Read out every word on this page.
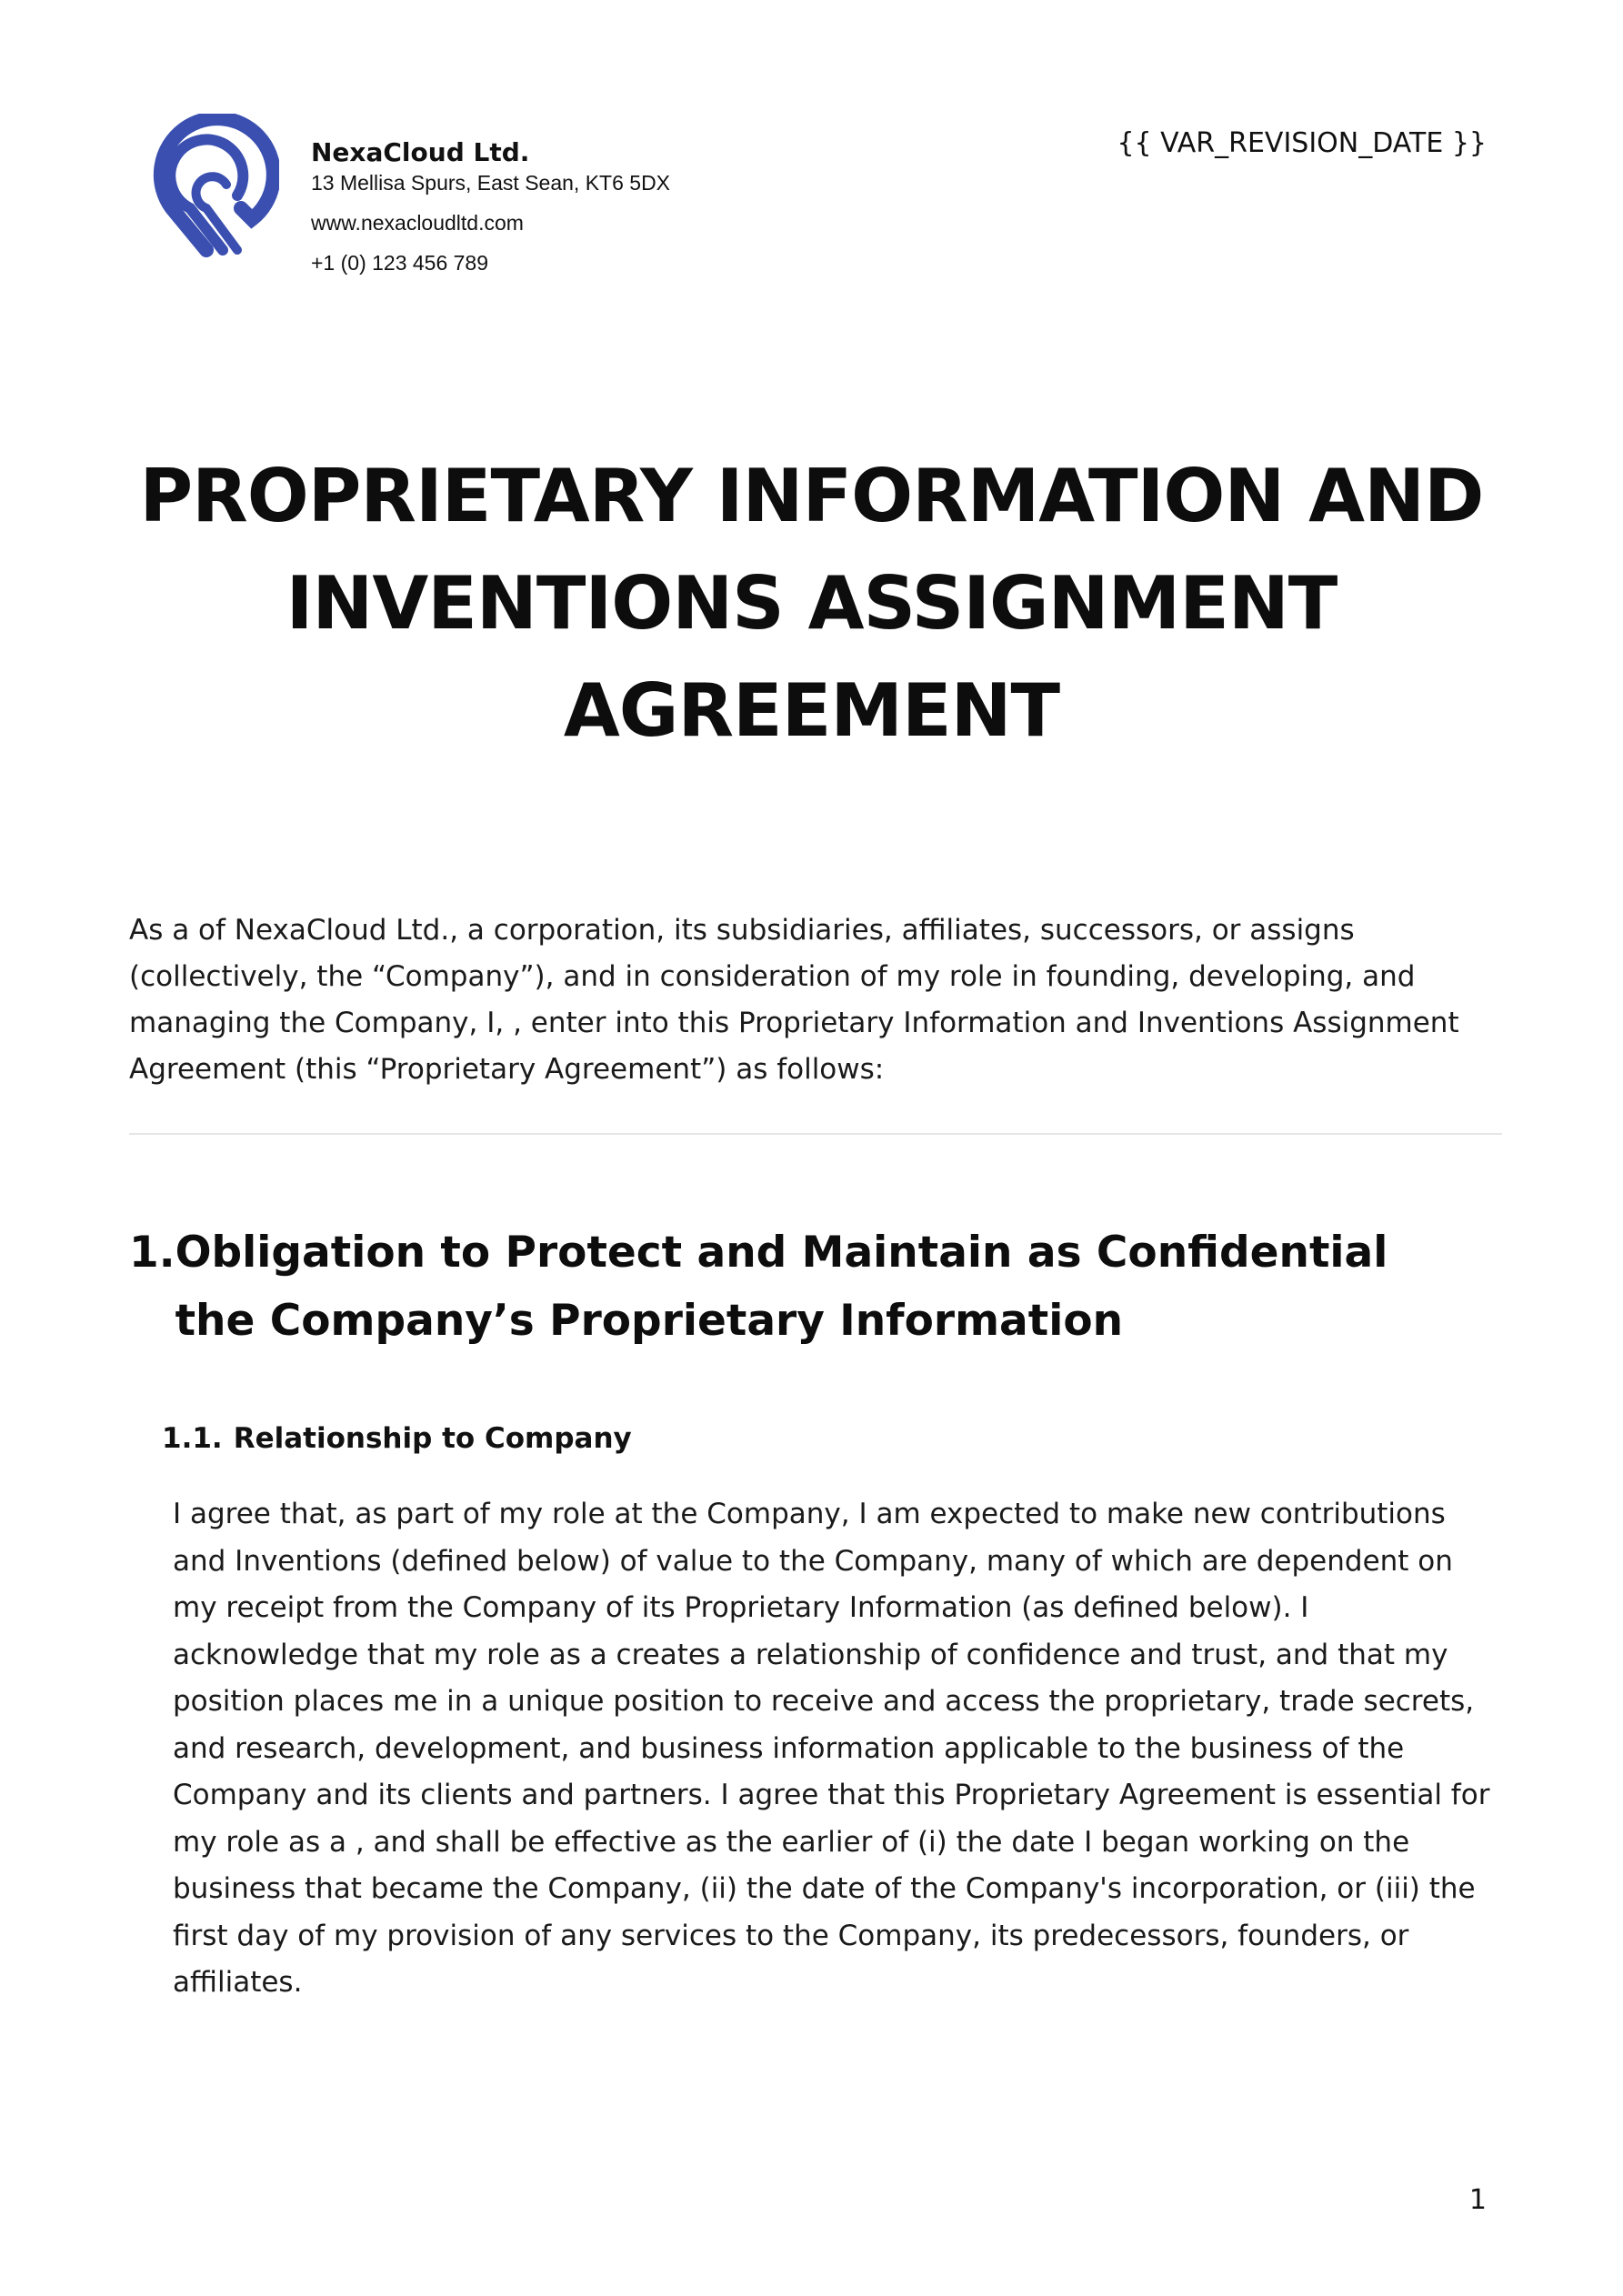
NexaCloud Ltd.
13 Mellisa Spurs, East Sean, KT6 5DX
www.nexacloudltd.com
+1 (0) 123 456 789
{{ VAR_REVISION_DATE }}
PROPRIETARY INFORMATION AND
INVENTIONS ASSIGNMENT
AGREEMENT
As a of NexaCloud Ltd., a corporation, its subsidiaries, affiliates, successors, or assigns (collectively, the “Company”), and in consideration of my role in founding, developing, and managing the Company, I, , enter into this Proprietary Information and Inventions Assignment Agreement (this “Proprietary Agreement”) as follows:
1. Obligation to Protect and Maintain as Confidential the Company’s Proprietary Information
1.1. Relationship to Company
I agree that, as part of my role at the Company, I am expected to make new contributions and Inventions (defined below) of value to the Company, many of which are dependent on my receipt from the Company of its Proprietary Information (as defined below). I acknowledge that my role as a creates a relationship of confidence and trust, and that my position places me in a unique position to receive and access the proprietary, trade secrets, and research, development, and business information applicable to the business of the Company and its clients and partners. I agree that this Proprietary Agreement is essential for my role as a , and shall be effective as the earlier of (i) the date I began working on the business that became the Company, (ii) the date of the Company's incorporation, or (iii) the first day of my provision of any services to the Company, its predecessors, founders, or affiliates.
1
